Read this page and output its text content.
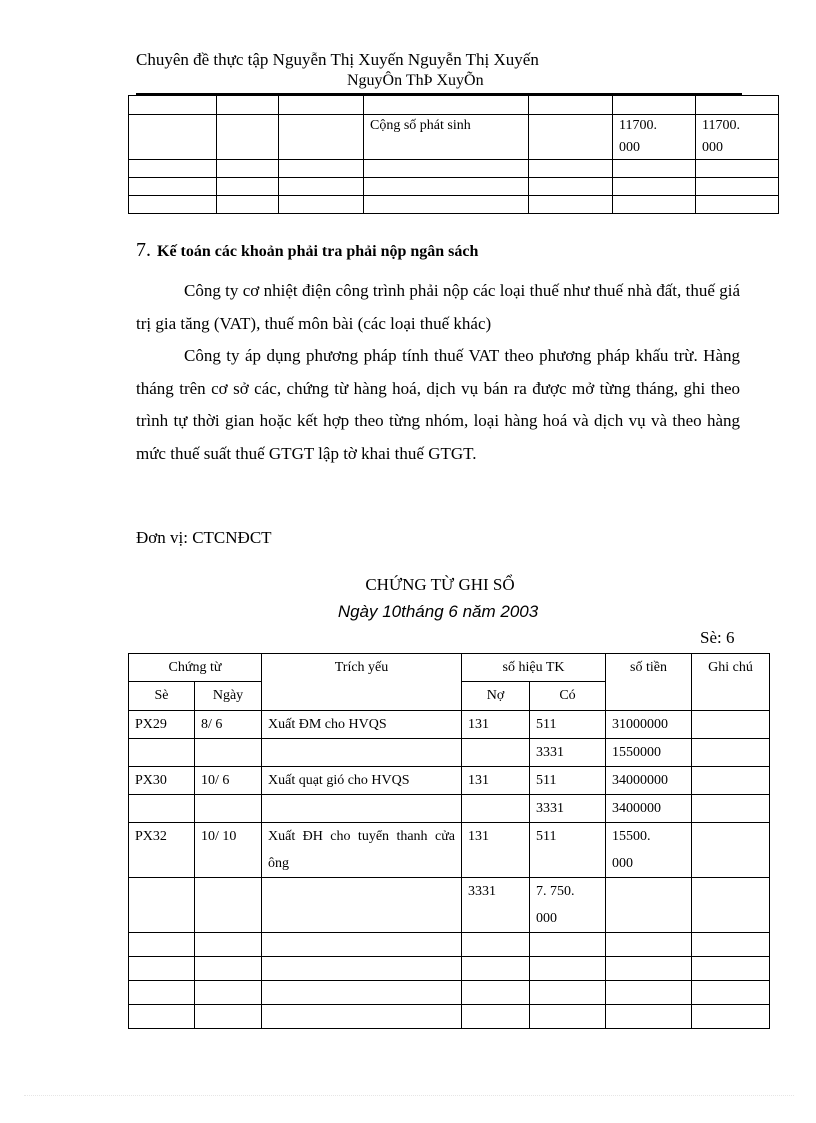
Chuyên đề thực tập Nguyễn Thị Xuyến Nguyễn Thị Xuyến
NguyÔn ThÞ XuyÕn

			Cộng số phát sinh		11700.
000	11700.
000

7. Kế toán các khoản phải tra phải nộp ngân sách
Công ty cơ nhiệt điện công trình phải nộp các loại thuế như thuế nhà đất, thuế giá trị gia tăng (VAT), thuế môn bài (các loại thuế khác)
Công ty áp dụng phương pháp tính thuế VAT theo phương pháp khấu trừ. Hàng tháng trên cơ sở các, chứng từ hàng hoá, dịch vụ bán ra được mở từng tháng, ghi theo trình tự thời gian hoặc kết hợp theo từng nhóm, loại hàng hoá và dịch vụ và theo hàng mức thuế suất thuế GTGT lập tờ khai thuế GTGT.
Đơn vị: CTCNĐCT
CHỨNG TỪ GHI SỔ
Ngày 10tháng 6 năm 2003
Sè: 6
Chứng từ		Trích yếu	số hiệu TK		số tiền	Ghi chú
Sè	Ngày		Nợ	Có		
PX29	8/ 6	Xuất ĐM cho HVQS	131	511	31000000	
				3331	1550000	
PX30	10/ 6	Xuất quạt gió cho HVQS	131	511	34000000	
				3331	3400000	
PX32	10/ 10	Xuất ĐH cho tuyển thanh cửa ông	131	511	15500.
000	
			3331	7. 750.
000		
